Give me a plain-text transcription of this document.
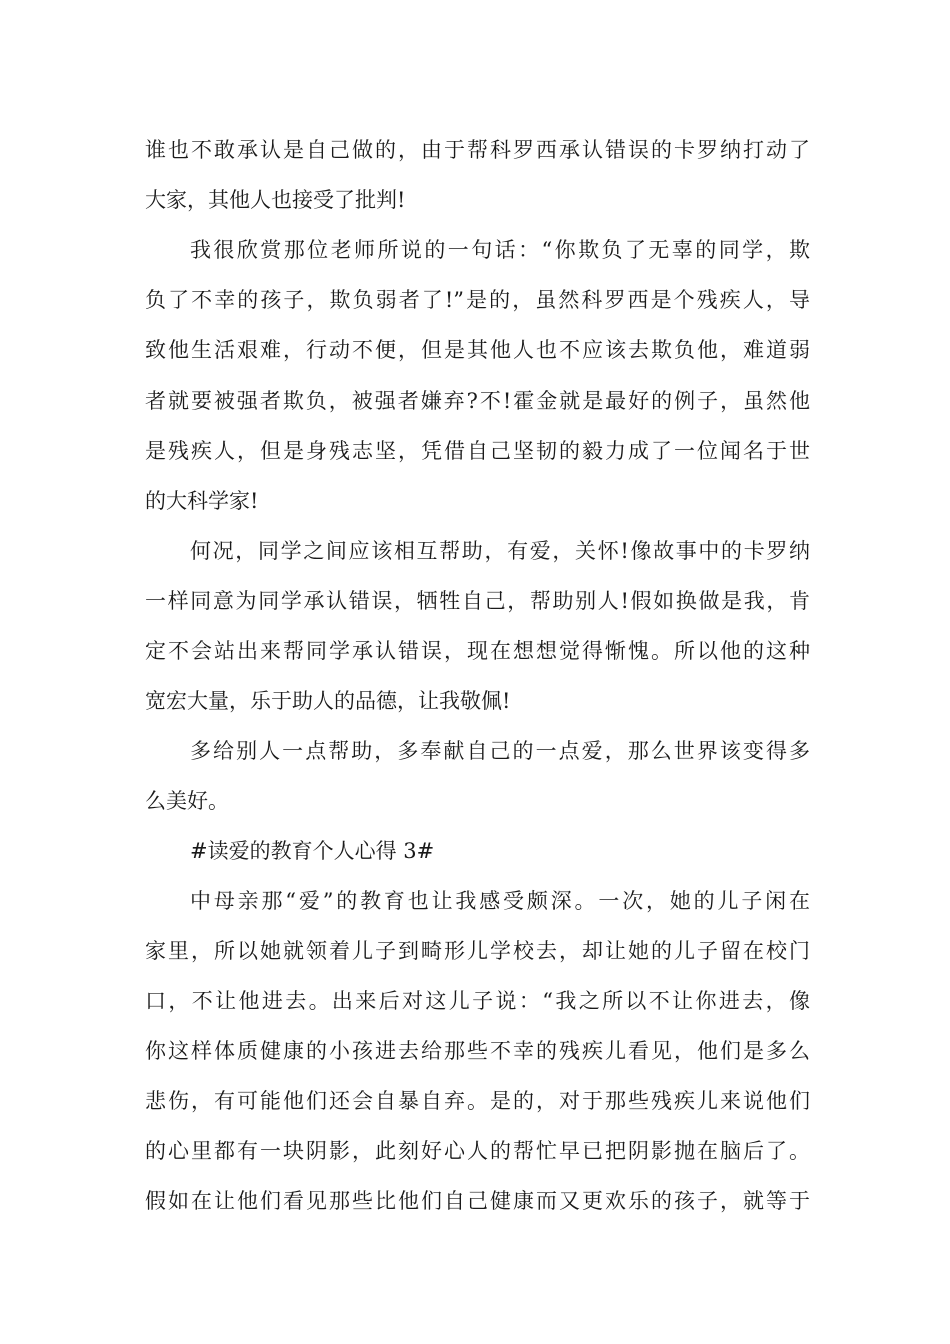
谁也不敢承认是自己做的，由于帮科罗西承认错误的卡罗纳打动了
大家，其他人也接受了批判!
我很欣赏那位老师所说的一句话：“你欺负了无辜的同学，欺
负了不幸的孩子，欺负弱者了!”是的，虽然科罗西是个残疾人，导
致他生活艰难，行动不便，但是其他人也不应该去欺负他，难道弱
者就要被强者欺负，被强者嫌弃?不!霍金就是最好的例子，虽然他
是残疾人，但是身残志坚，凭借自己坚韧的毅力成了一位闻名于世
的大科学家!
何况，同学之间应该相互帮助，有爱，关怀!像故事中的卡罗纳
一样同意为同学承认错误，牺牲自己，帮助别人!假如换做是我，肯
定不会站出来帮同学承认错误，现在想想觉得惭愧。所以他的这种
宽宏大量，乐于助人的品德，让我敬佩!
多给别人一点帮助，多奉献自己的一点爱，那么世界该变得多
么美好。
#读爱的教育个人心得 3#
中母亲那“爱”的教育也让我感受颇深。一次，她的儿子闲在
家里，所以她就领着儿子到畸形儿学校去，却让她的儿子留在校门
口，不让他进去。出来后对这儿子说：“我之所以不让你进去，像
你这样体质健康的小孩进去给那些不幸的残疾儿看见，他们是多么
悲伤，有可能他们还会自暴自弃。是的，对于那些残疾儿来说他们
的心里都有一块阴影，此刻好心人的帮忙早已把阴影抛在脑后了。
假如在让他们看见那些比他们自己健康而又更欢乐的孩子，就等于
